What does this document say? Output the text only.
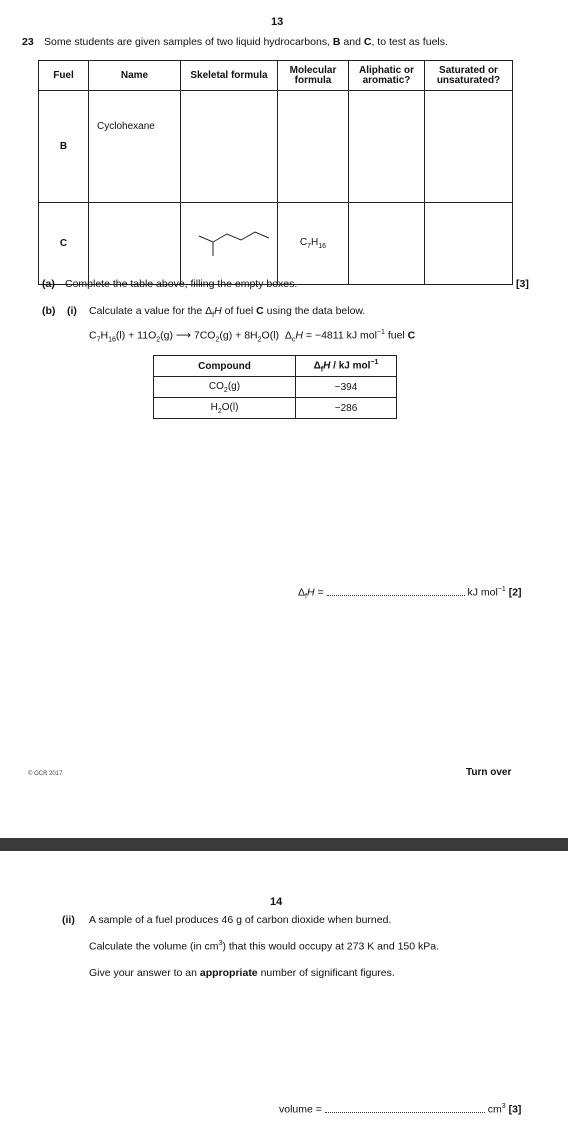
13
23 Some students are given samples of two liquid hydrocarbons, B and C, to test as fuels.
Fuel	Name	Skeletal formula	Molecular formula	Aliphatic or aromatic?	Saturated or unsaturated?
B	Cyclohexane				
C			$C_7H_{16}$		
(a) Complete the table above, filling the empty boxes.	[3]
(b) (i) Calculate a value for the $\Delta_fH$ of fuel C using the data below.
$C_7H_{16}(l) + 11O_2(g)$ ⟶ $7CO_2(g) + 8H_2O(l) \Delta_cH = -4811$ kJ mol$^{-1}$ fuel C
Compound	$\Delta_fH$ / kJ mol$^{-1}$
$CO_2(g)$	−394
$H_2O(l)$	−286
$\Delta_fH$ =	kJ mol$^{-1}$ [2]
© OCR 2017	Turn over
14
(ii) A sample of a fuel produces 46 g of carbon dioxide when burned.
Calculate the volume (in $cm^3$) that this would occupy at 273 K and 150 kPa.
Give your answer to an appropriate number of significant figures.
volume =	$cm^3$ [3]
